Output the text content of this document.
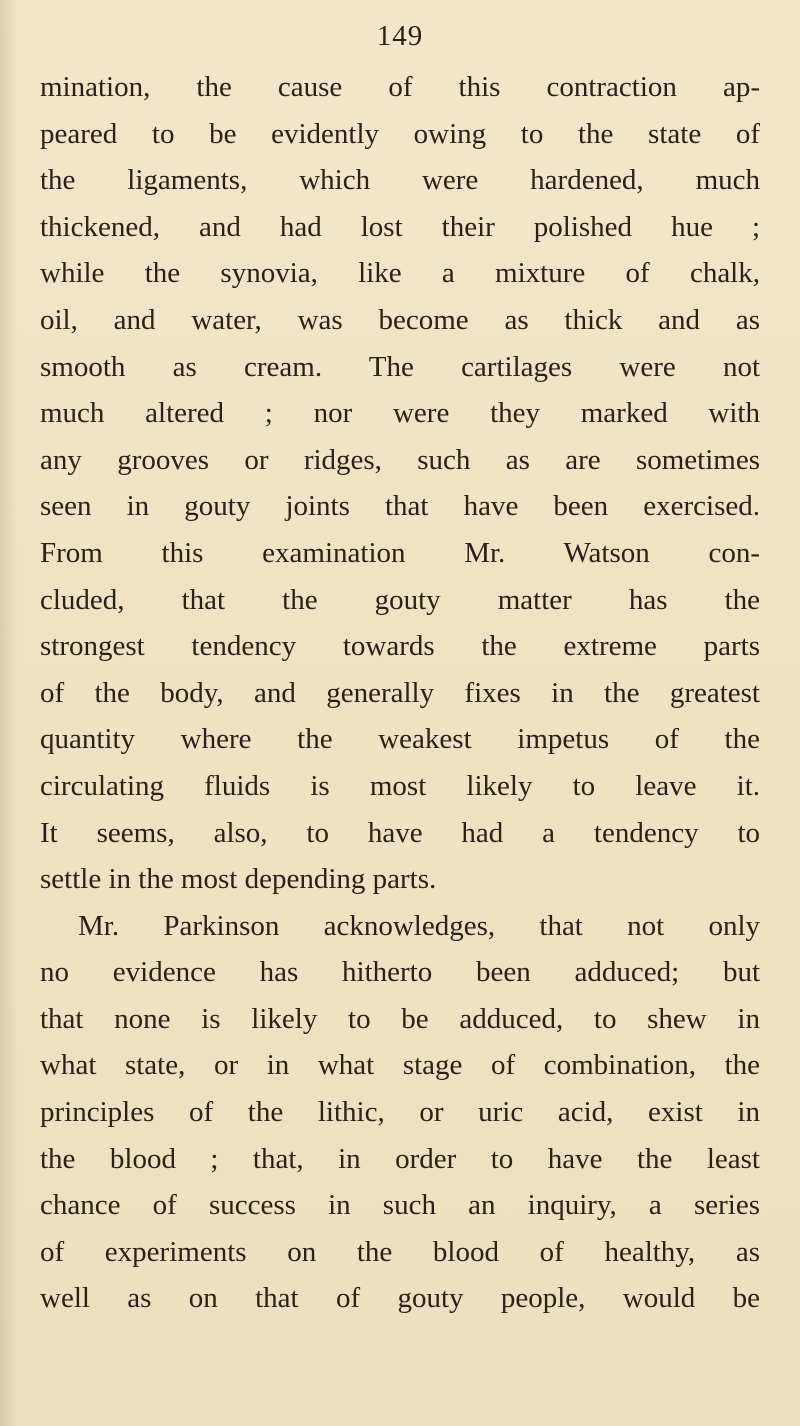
149
mination, the cause of this contraction ap-
peared to be evidently owing to the state of
the ligaments, which were hardened, much
thickened, and had lost their polished hue ;
while the synovia, like a mixture of chalk,
oil, and water, was become as thick and as
smooth as cream. The cartilages were not
much altered ; nor were they marked with
any grooves or ridges, such as are sometimes
seen in gouty joints that have been exercised.
From this examination Mr. Watson con-
cluded, that the gouty matter has the
strongest tendency towards the extreme parts
of the body, and generally fixes in the greatest
quantity where the weakest impetus of the
circulating fluids is most likely to leave it.
It seems, also, to have had a tendency to
settle in the most depending parts.
Mr. Parkinson acknowledges, that not only
no evidence has hitherto been adduced; but
that none is likely to be adduced, to shew in
what state, or in what stage of combination, the
principles of the lithic, or uric acid, exist in
the blood ; that, in order to have the least
chance of success in such an inquiry, a series
of experiments on the blood of healthy, as
well as on that of gouty people, would be
